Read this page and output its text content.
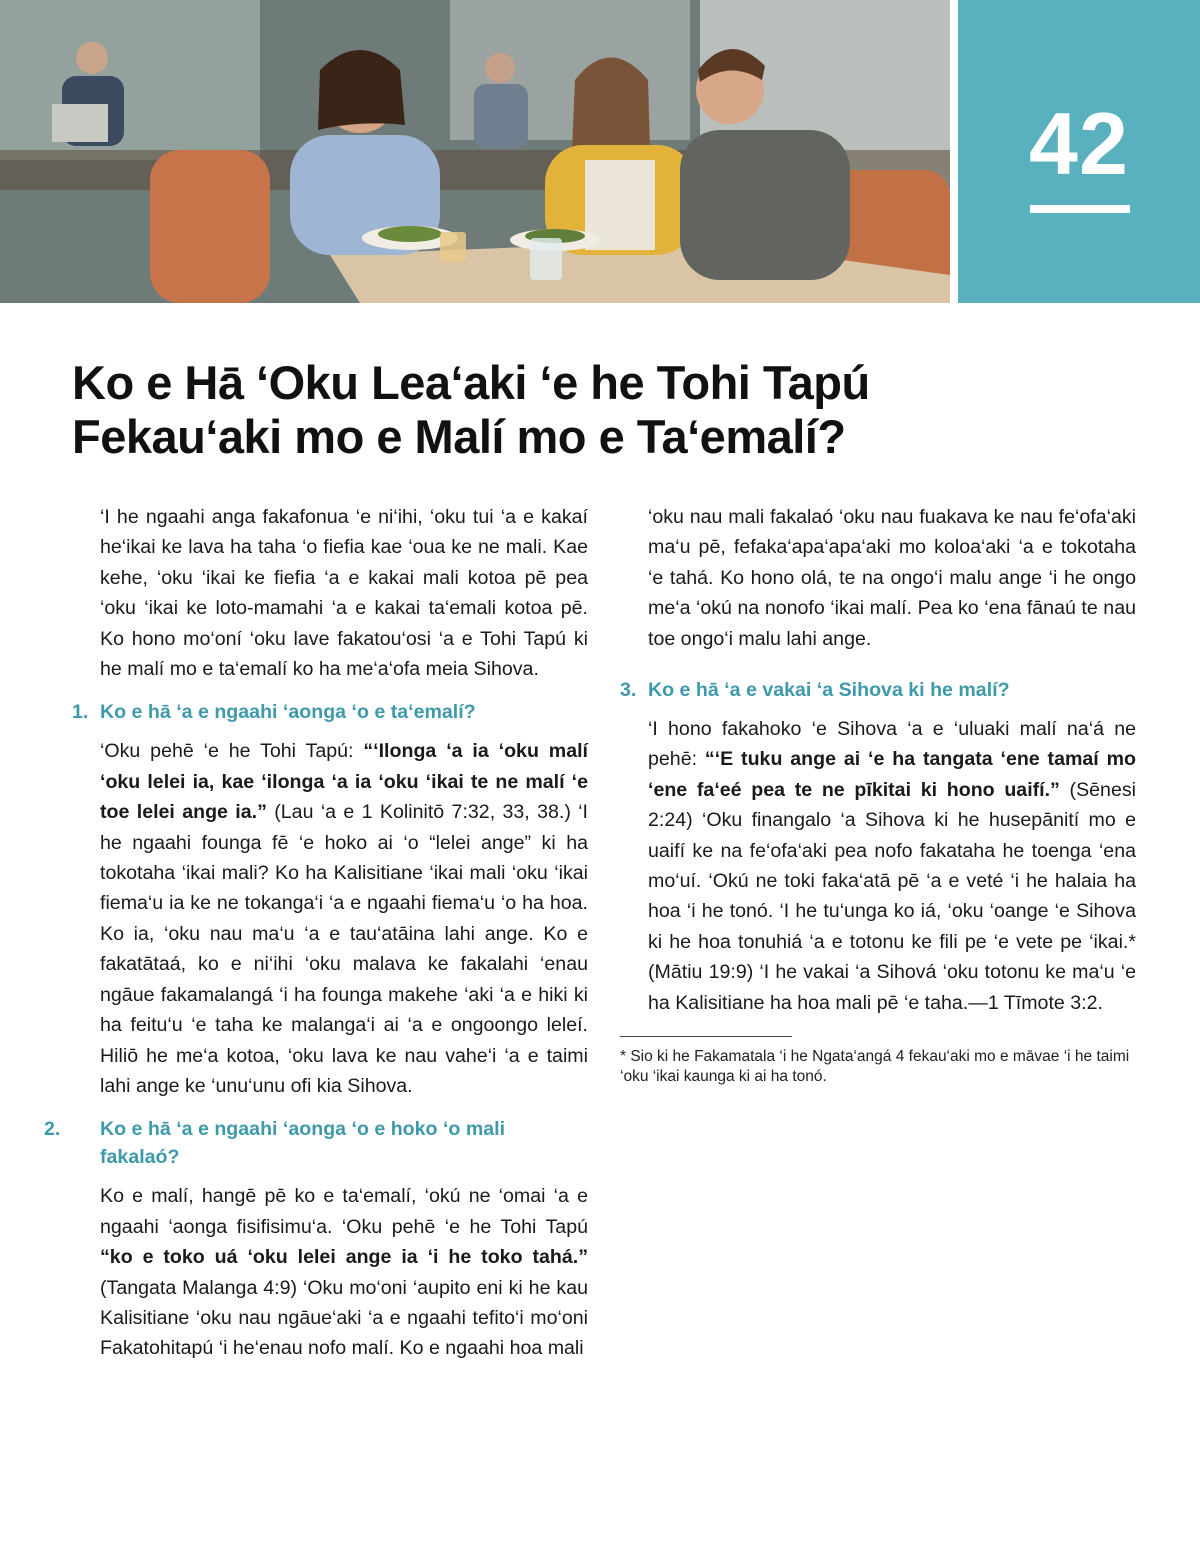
42
Ko e Hā ‘Oku Lea‘aki ‘e he Tohi Tapú
Fekau‘aki mo e Malí mo e Ta‘emalí?

‘I he ngaahi anga fakafonua ‘e ni‘ihi, ‘oku tui ‘a e kakaí he‘ikai ke lava ha taha ‘o fiefia kae ‘oua ke ne mali. Kae kehe, ‘oku ‘ikai ke fiefia ‘a e kakai mali kotoa pē pea ‘oku ‘ikai ke loto-mamahi ‘a e kakai ta‘emali kotoa pē. Ko hono mo‘oní ‘oku lave fakatou‘osi ‘a e Tohi Tapú ki he malí mo e ta‘emalí ko ha me‘a‘ofa meia Sihova.

1. Ko e hā ‘a e ngaahi ‘aonga ‘o e ta‘emalí?

‘Oku pehē ‘e he Tohi Tapú: “‘Ilonga ‘a ia ‘oku malí ‘oku lelei ia, kae ‘ilonga ‘a ia ‘oku ‘ikai te ne malí ‘e toe lelei ange ia.” (Lau ‘a e 1 Kolinitō 7:32, 33, 38.) ‘I he ngaahi founga fē ‘e hoko ai ‘o “lelei ange” ki ha tokotaha ‘ikai mali? Ko ha Kalisitiane ‘ikai mali ‘oku ‘ikai fiema‘u ia ke ne tokanga‘i ‘a e ngaahi fiema‘u ‘o ha hoa. Ko ia, ‘oku nau ma‘u ‘a e tau‘atāina lahi ange. Ko e fakatātaá, ko e ni‘ihi ‘oku malava ke fakalahi ‘enau ngāue fakamalangá ‘i ha founga makehe ‘aki ‘a e hiki ki ha feitu‘u ‘e taha ke malanga‘i ai ‘a e ongoongo leleí. Hiliō he me‘a kotoa, ‘oku lava ke nau vahe‘i ‘a e taimi lahi ange ke ‘unu‘unu ofi kia Sihova.

2. Ko e hā ‘a e ngaahi ‘aonga ‘o e hoko ‘o mali fakalaó?

Ko e malí, hangē pē ko e ta‘emalí, ‘okú ne ‘omai ‘a e ngaahi ‘aonga fisifisimu‘a. ‘Oku pehē ‘e he Tohi Tapú “ko e toko uá ‘oku lelei ange ia ‘i he toko tahá.” (Tangata Malanga 4:9) ‘Oku mo‘oni ‘aupito eni ki he kau Kalisitiane ‘oku nau ngāue‘aki ‘a e ngaahi tefito‘i mo‘oni Fakatohitapú ‘i he‘enau nofo malí. Ko e ngaahi hoa mali

‘oku nau mali fakalaó ‘oku nau fuakava ke nau fe‘ofa‘aki ma‘u pē, fefaka‘apa‘apa‘aki mo koloa‘aki ‘a e tokotaha ‘e tahá. Ko hono olá, te na ongo‘i malu ange ‘i he ongo me‘a ‘okú na nonofo ‘ikai malí. Pea ko ‘ena fānaú te nau toe ongo‘i malu lahi ange.

3. Ko e hā ‘a e vakai ‘a Sihova ki he malí?

‘I hono fakahoko ‘e Sihova ‘a e ‘uluaki malí na‘á ne pehē: “‘E tuku ange ai ‘e ha tangata ‘ene tamaí mo ‘ene fa‘eé pea te ne pīkitai ki hono uaifí.” (Sēnesi 2:24) ‘Oku finangalo ‘a Sihova ki he husepānití mo e uaifí ke na fe‘ofa‘aki pea nofo fakataha he toenga ‘ena mo‘uí. ‘Okú ne toki faka‘atā pē ‘a e veté ‘i he halaia ha hoa ‘i he tonó. ‘I he tu‘unga ko iá, ‘oku ‘oange ‘e Sihova ki he hoa tonuhiá ‘a e totonu ke fili pe ‘e vete pe ‘ikai.* (Mātiu 19:9) ‘I he vakai ‘a Sihová ‘oku totonu ke ma‘u ‘e ha Kalisitiane ha hoa mali pē ‘e taha.—1 Tīmote 3:2.

* Sio ki he Fakamatala ‘i he Ngata‘angá 4 fekau‘aki mo e māvae ‘i he taimi ‘oku ‘ikai kaunga ki ai ha tonó.
